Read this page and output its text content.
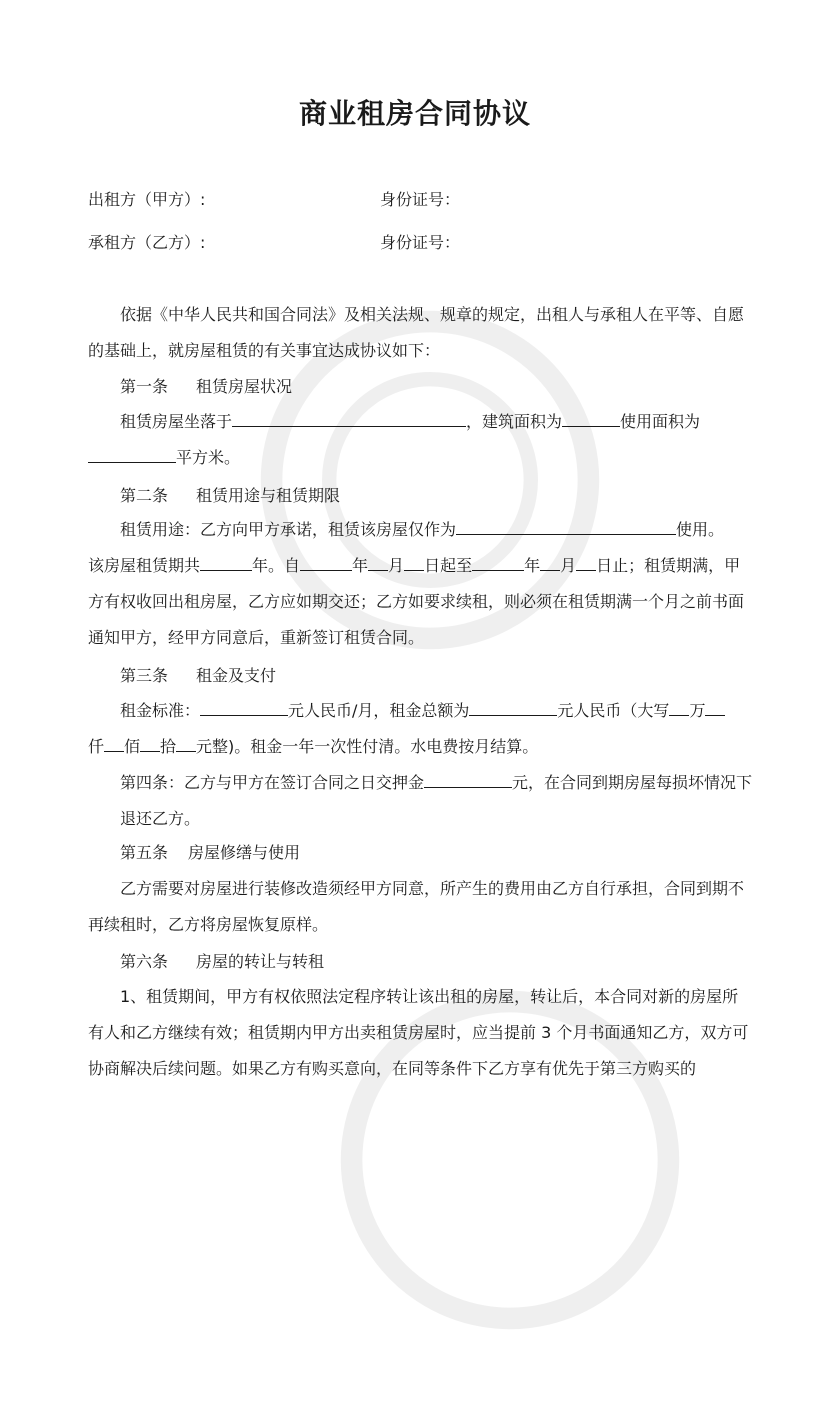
商业租房合同协议
出租方（甲方）:	身份证号：
承租方（乙方）:	身份证号：
依据《中华人民共和国合同法》及相关法规、规章的规定，出租人与承租人在平等、自愿的基础上，就房屋租赁的有关事宜达成协议如下：
第一条 租赁房屋状况
租赁房屋坐落于	，建筑面积为	使用面积为
平方米。
第二条 租赁用途与租赁期限
租赁用途：乙方向甲方承诺，租赁该房屋仅作为	使用。
该房屋租赁期共	年。自	年 月 日起至	年 月 日止；租赁期满，甲
方有权收回出租房屋，乙方应如期交还；乙方如要求续租，则必须在租赁期满一个月之前书面通知甲方，经甲方同意后，重新签订租赁合同。
第三条 租金及支付
租金标准：	元人民币/月，租金总额为	元人民币（大写 万
仟 佰 拾 元整)。租金一年一次性付清。水电费按月结算。
第四条：乙方与甲方在签订合同之日交押金	元，在合同到期房屋每损坏情况下退还乙方。
第五条 房屋修缮与使用
乙方需要对房屋进行装修改造须经甲方同意，所产生的费用由乙方自行承担，合同到期不再续租时，乙方将房屋恢复原样。
第六条 房屋的转让与转租
1、租赁期间，甲方有权依照法定程序转让该出租的房屋，转让后，本合同对新的房屋所有人和乙方继续有效；租赁期内甲方出卖租赁房屋时，应当提前 3 个月书面通知乙方，双方可协商解决后续问题。如果乙方有购买意向，在同等条件下乙方享有优先于第三方购买的
